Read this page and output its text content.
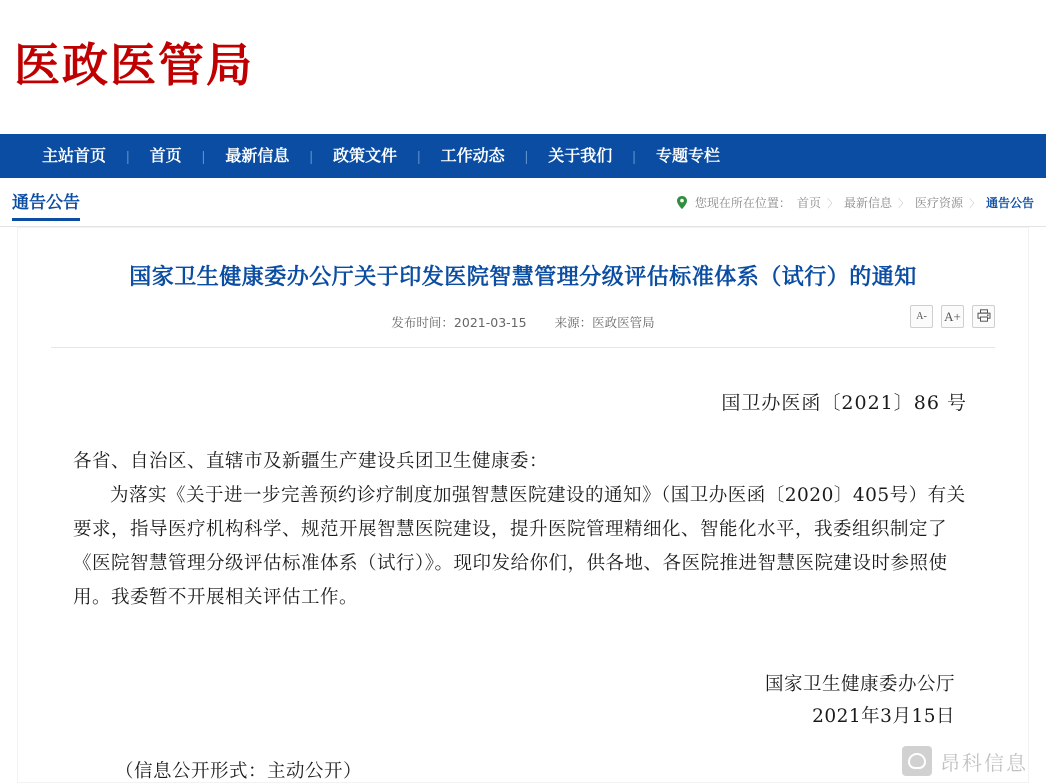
医政医管局
主站首页	|	首页	|	最新信息	|	政策文件	|	工作动态	|	关于我们	|	专题专栏
通告公告	您现在所在位置： 首页 〉 最新信息 〉 医疗资源 〉 通告公告
国家卫生健康委办公厅关于印发医院智慧管理分级评估标准体系（试行）的通知
发布时间：2021-03-15 来源：医政医管局	A-	A+
国卫办医函〔2021〕86 号
各省、自治区、直辖市及新疆生产建设兵团卫生健康委：

为落实《关于进一步完善预约诊疗制度加强智慧医院建设的通知》（国卫办医函〔2020〕405号）有关要求，指导医疗机构科学、规范开展智慧医院建设，提升医院管理精细化、智能化水平，我委组织制定了《医院智慧管理分级评估标准体系（试行）》。现印发给你们，供各地、各医院推进智慧医院建设时参照使用。我委暂不开展相关评估工作。

国家卫生健康委办公厅
2021年3月15日
（信息公开形式：主动公开）	昂科信息
